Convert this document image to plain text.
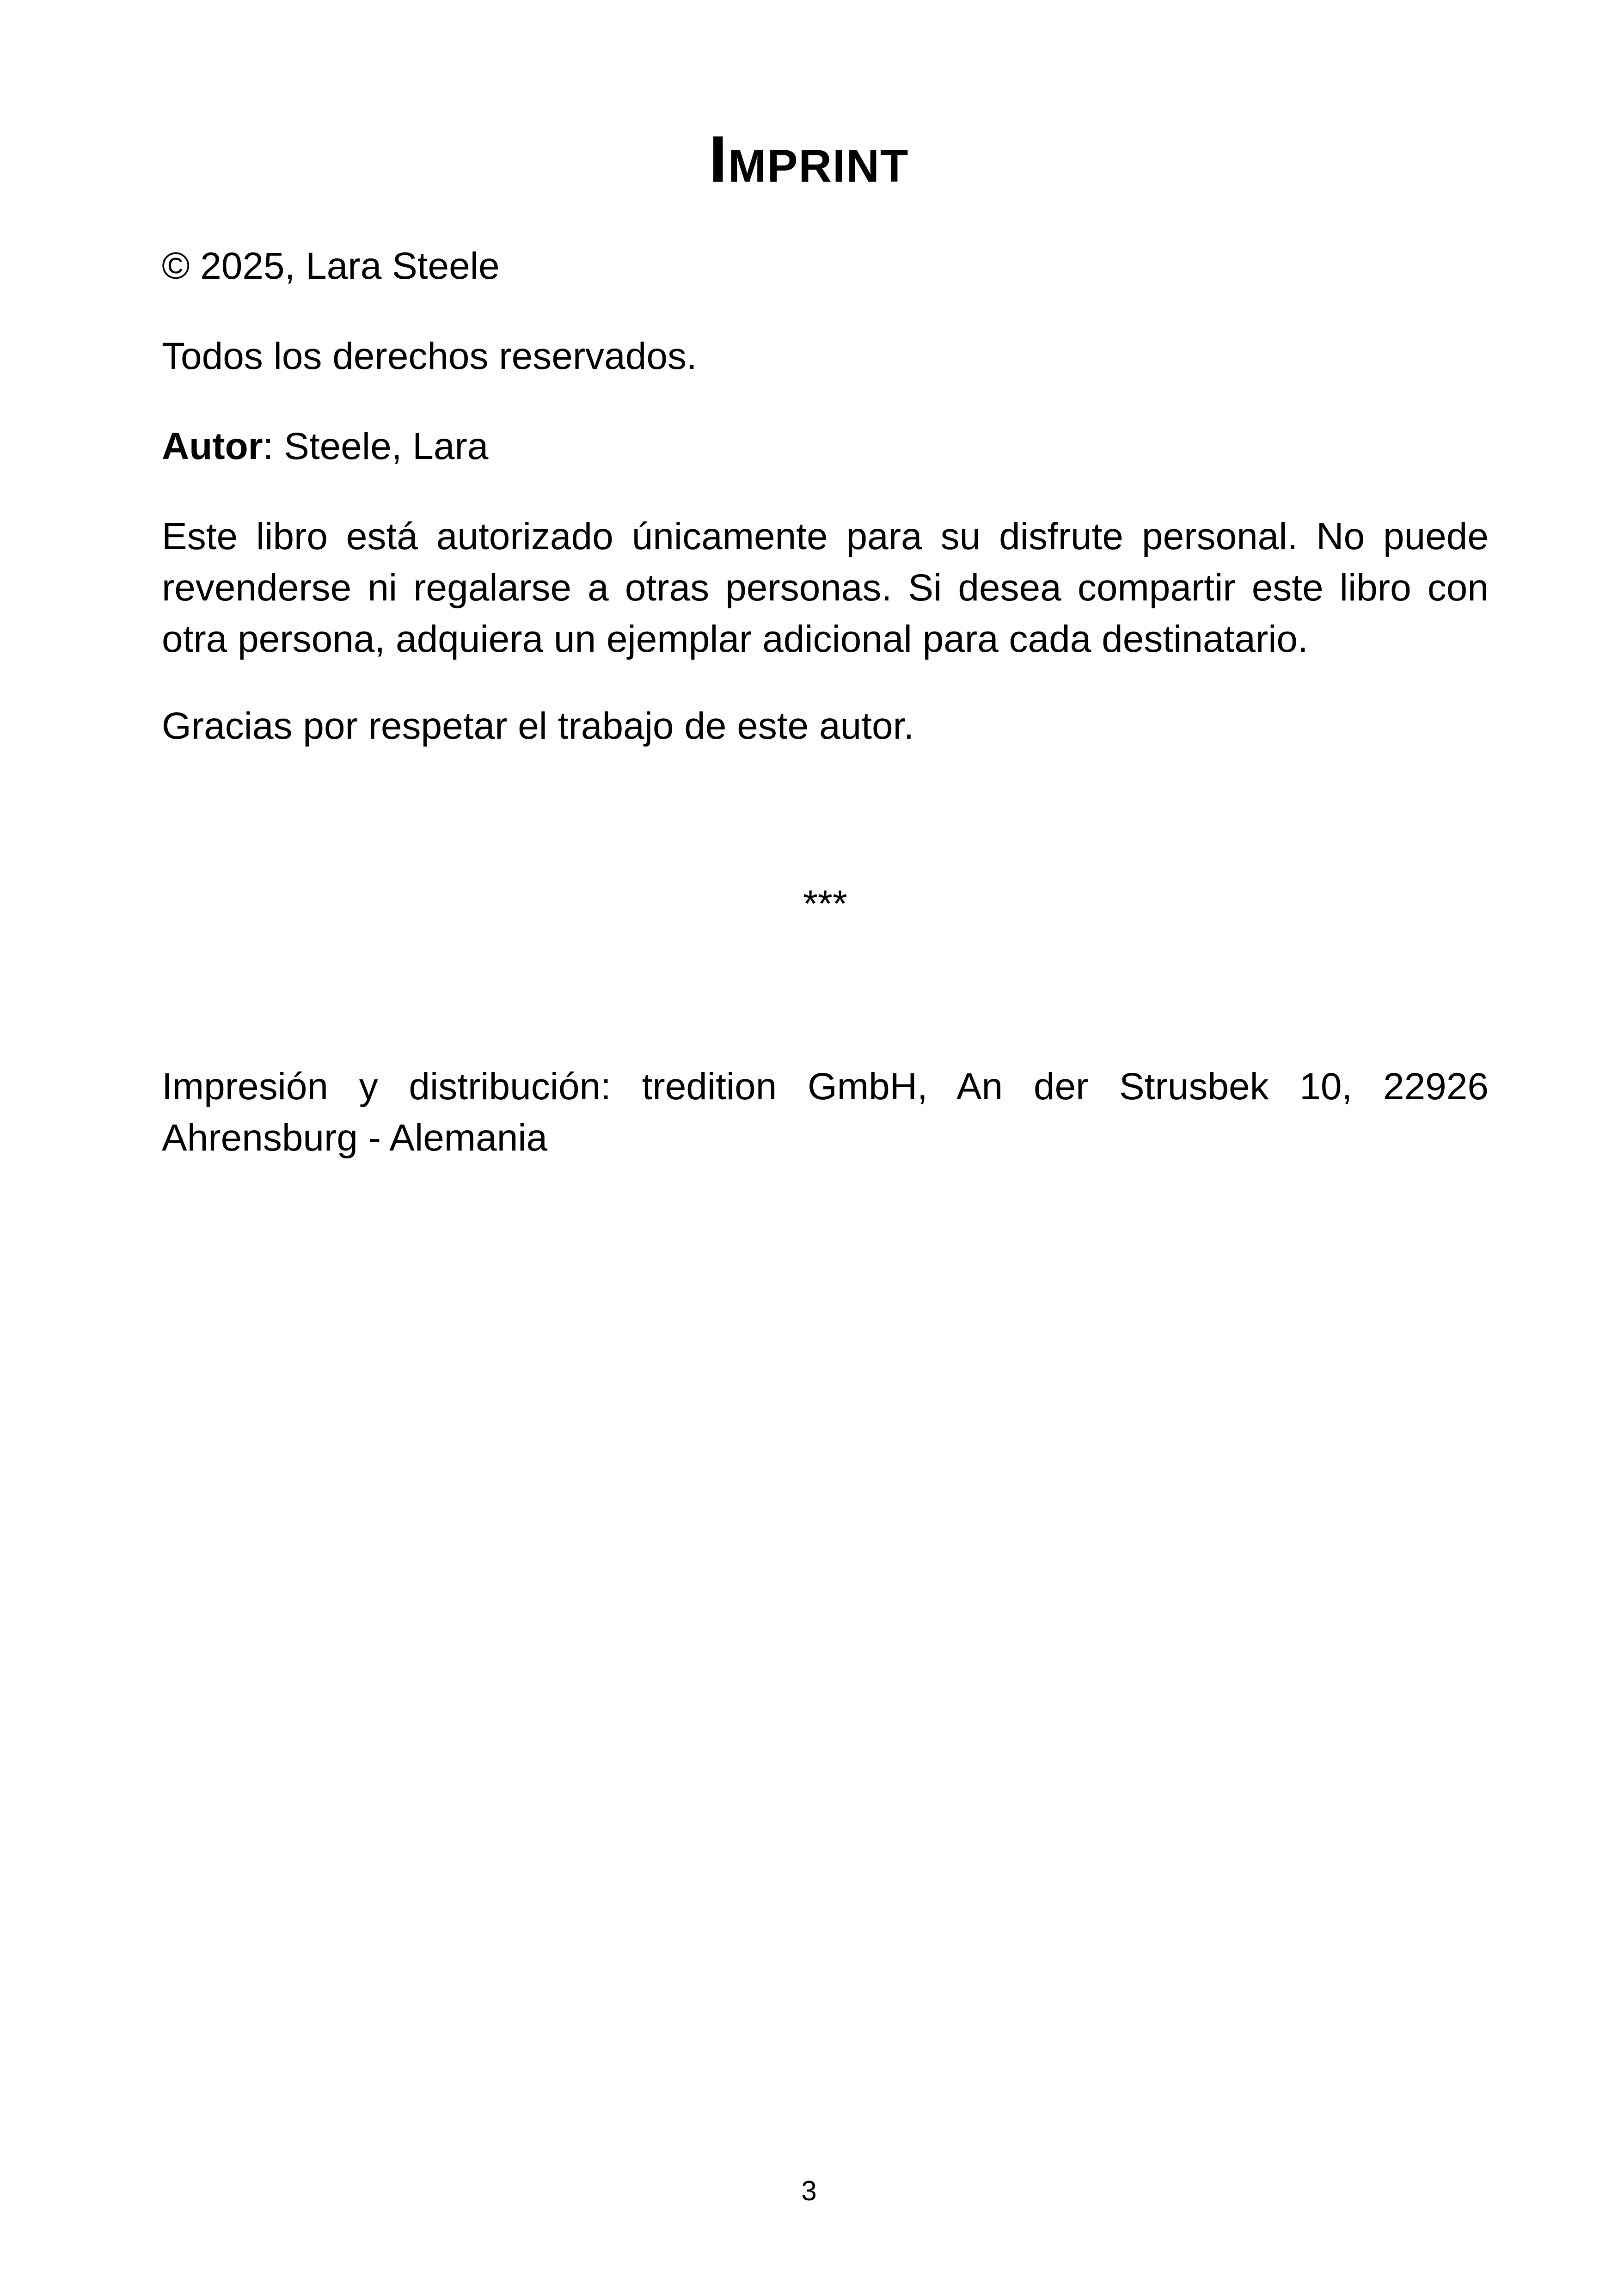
Imprint
© 2025, Lara Steele
Todos los derechos reservados.
Autor: Steele, Lara
Este libro está autorizado únicamente para su disfrute personal. No puede revenderse ni regalarse a otras personas. Si desea compartir este libro con otra persona, adquiera un ejemplar adicional para cada destinatario.
Gracias por respetar el trabajo de este autor.
***
Impresión y distribución: tredition GmbH, An der Strusbek 10, 22926 Ahrensburg - Alemania
3
